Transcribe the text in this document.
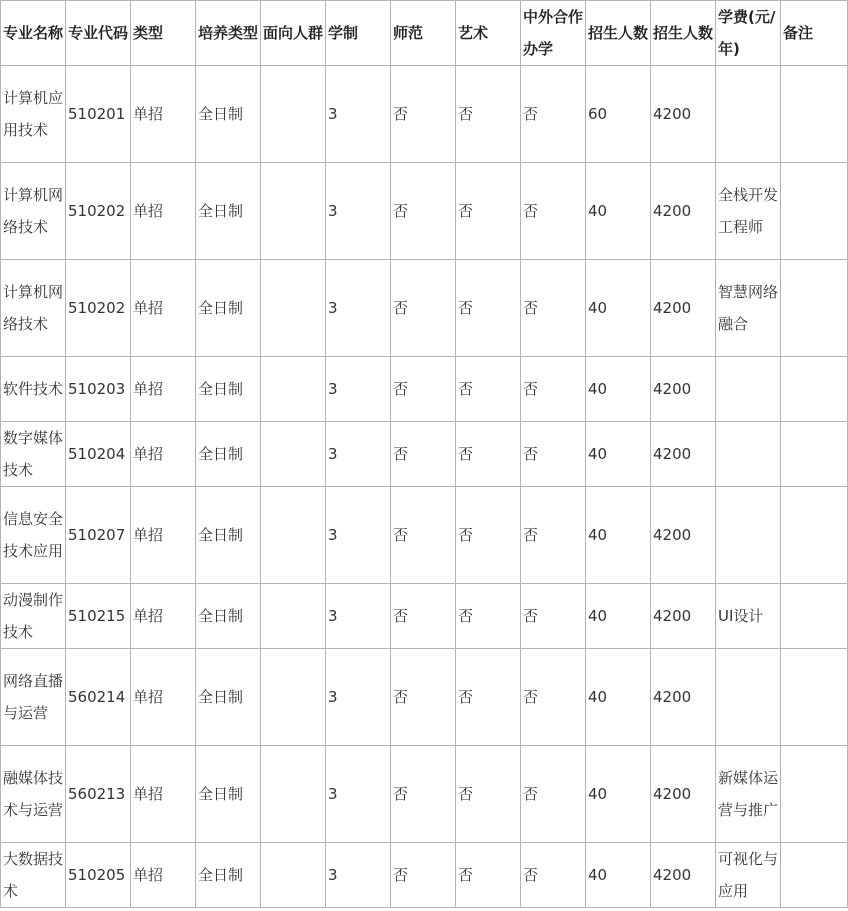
专业名称	专业代码	类型	培养类型	面向人群	学制	师范	艺术	中外合作办学	招生人数	招生人数	学费(元/年)	备注
计算机应用技术	510201	单招	全日制		3	否	否	否	60	4200		
计算机网络技术	510202	单招	全日制		3	否	否	否	40	4200	全栈开发工程师	
计算机网络技术	510202	单招	全日制		3	否	否	否	40	4200	智慧网络融合	
软件技术	510203	单招	全日制		3	否	否	否	40	4200		
数字媒体技术	510204	单招	全日制		3	否	否	否	40	4200		
信息安全技术应用	510207	单招	全日制		3	否	否	否	40	4200		
动漫制作技术	510215	单招	全日制		3	否	否	否	40	4200	UI设计	
网络直播与运营	560214	单招	全日制		3	否	否	否	40	4200		
融媒体技术与运营	560213	单招	全日制		3	否	否	否	40	4200	新媒体运营与推广	
大数据技术	510205	单招	全日制		3	否	否	否	40	4200	可视化与应用	
